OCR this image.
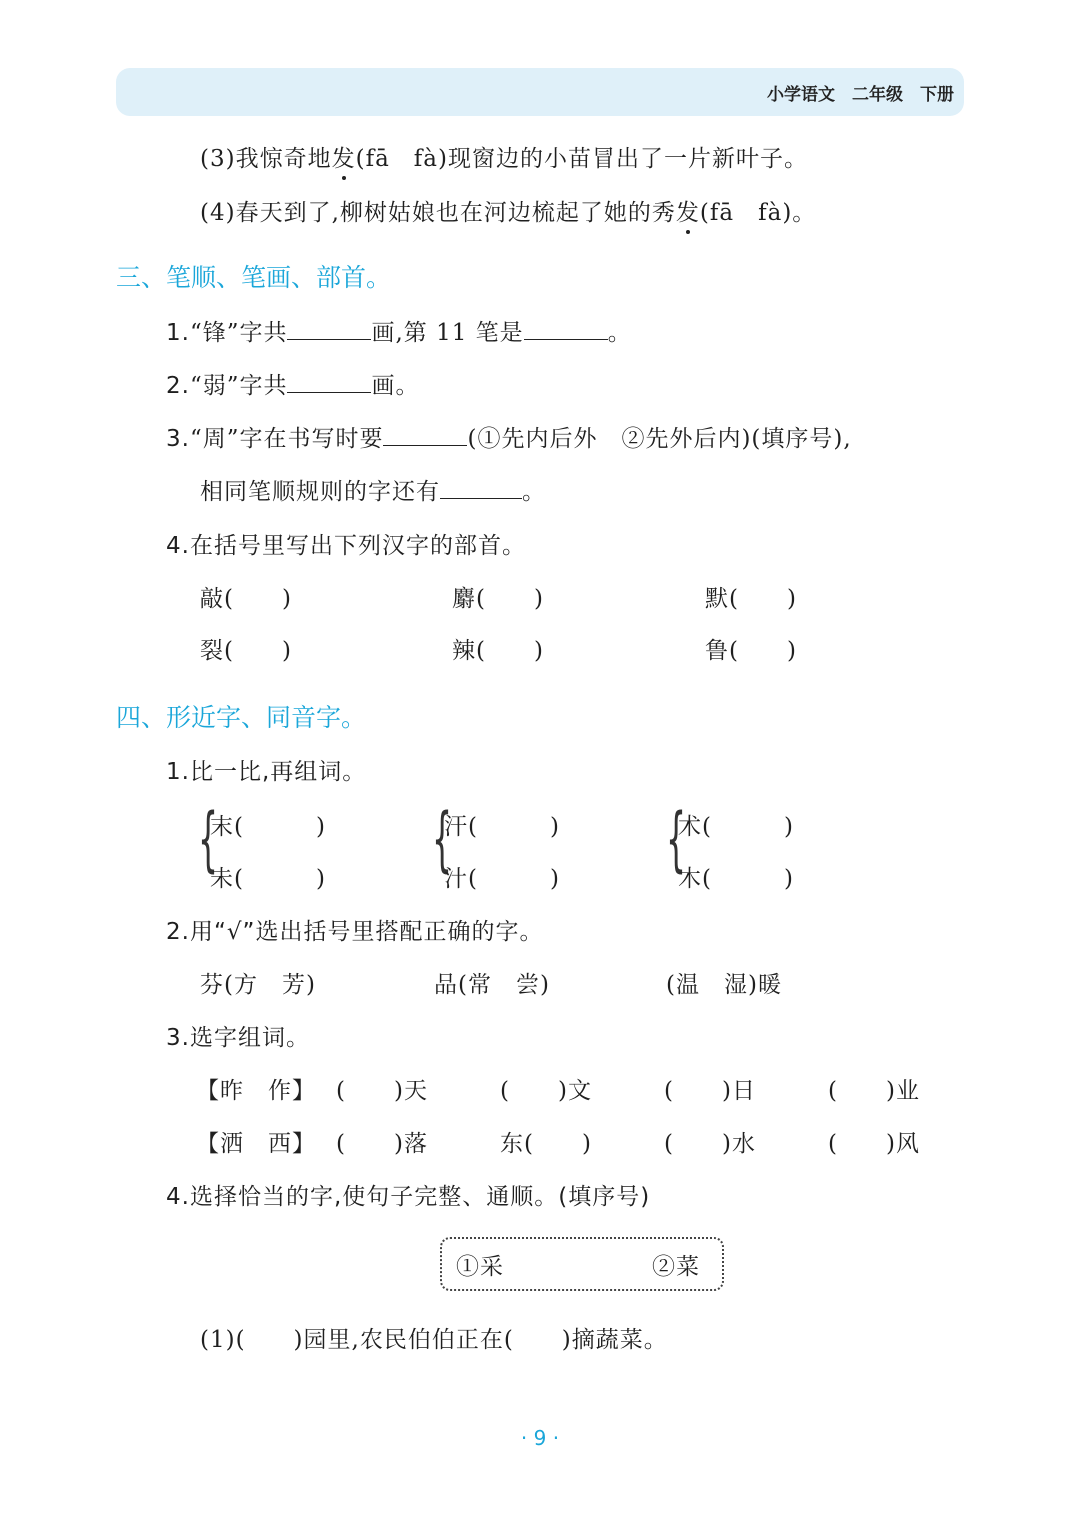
小学语文　 二年级　 下册
(3)我惊奇地发(fā　fà)现窗边的小苗冒出了一片新叶子。
(4)春天到了,柳树姑娘也在河边梳起了她的秀发(fā　fà)。
三、笔顺、笔画、部首。
1.“锋”字共	画,第 11 笔是	。
2.“弱”字共	画。
3.“周”字在书写时要	(①先内后外　②先外后内)(填序号),
相同笔顺规则的字还有	。
4.在括号里写出下列汉字的部首。
敲(　　)	麝(　　)	默(　　)
裂(　　)	辣(　　)	鲁(　　)
四、形近字、同音字。
1.比一比,再组词。
{
末(　　　)
未(　　　) {
汗(　　　)
汁(　　　) {
术(　　　)
木(　　　)
2.用“√”选出括号里搭配正确的字。
芬(方　芳)	品(常　尝)	(温　湿)暖
3.选字组词。
【昨　作】 (　　)天	(　　)文	(　　)日	(　　)业
【洒　西】 (　　)落	东(　　)	(　　)水	(　　)风
4.选择恰当的字,使句子完整、通顺。(填序号)
①采	②菜
(1)(　　)园里,农民伯伯正在(　　)摘蔬菜。
· 9 ·
